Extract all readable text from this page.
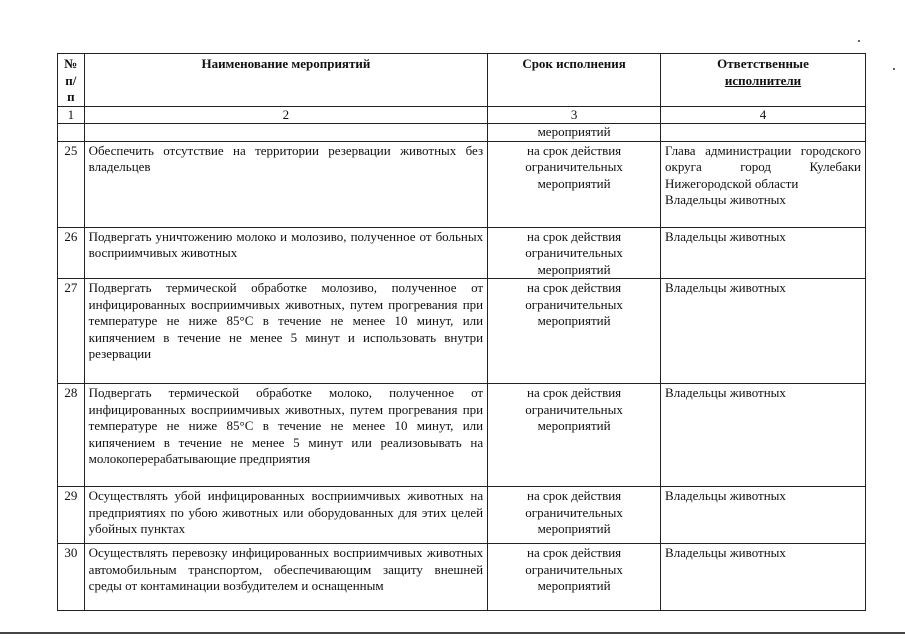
№
п/п	Наименование мероприятий	Срок исполнения	Ответственные
исполнители
1	2	3	4
		мероприятий	
25	Обеспечить отсутствие на территории резервации животных без владельцев	на срок действия ограничительных мероприятий	Глава администрации городского округа город Кулебаки Нижегородской области
Владельцы животных

26	Подвергать уничтожению молоко и молозиво, полученное от больных восприимчивых животных	на срок действия ограничительных мероприятий	Владельцы животных
27	Подвергать термической обработке молозиво, полученное от инфицированных восприимчивых животных, путем прогревания при температуре не ниже 85°С в течение не менее 10 минут, или кипячением в течение не менее 5 минут и использовать внутри резервации	на срок действия ограничительных мероприятий	Владельцы животных
28	Подвергать термической обработке молоко, полученное от инфицированных восприимчивых животных, путем прогревания при температуре не ниже 85°С в течение не менее 10 минут, или кипячением в течение не менее 5 минут или реализовывать на молокоперерабатывающие предприятия	на срок действия ограничительных мероприятий	Владельцы животных
29	Осуществлять убой инфицированных восприимчивых животных на предприятиях по убою животных или оборудованных для этих целей убойных пунктах	на срок действия ограничительных мероприятий	Владельцы животных
30	Осуществлять перевозку инфицированных восприимчивых животных автомобильным транспортом, обеспечивающим защиту внешней среды от контаминации возбудителем и оснащенным	на срок действия ограничительных мероприятий	Владельцы животных
